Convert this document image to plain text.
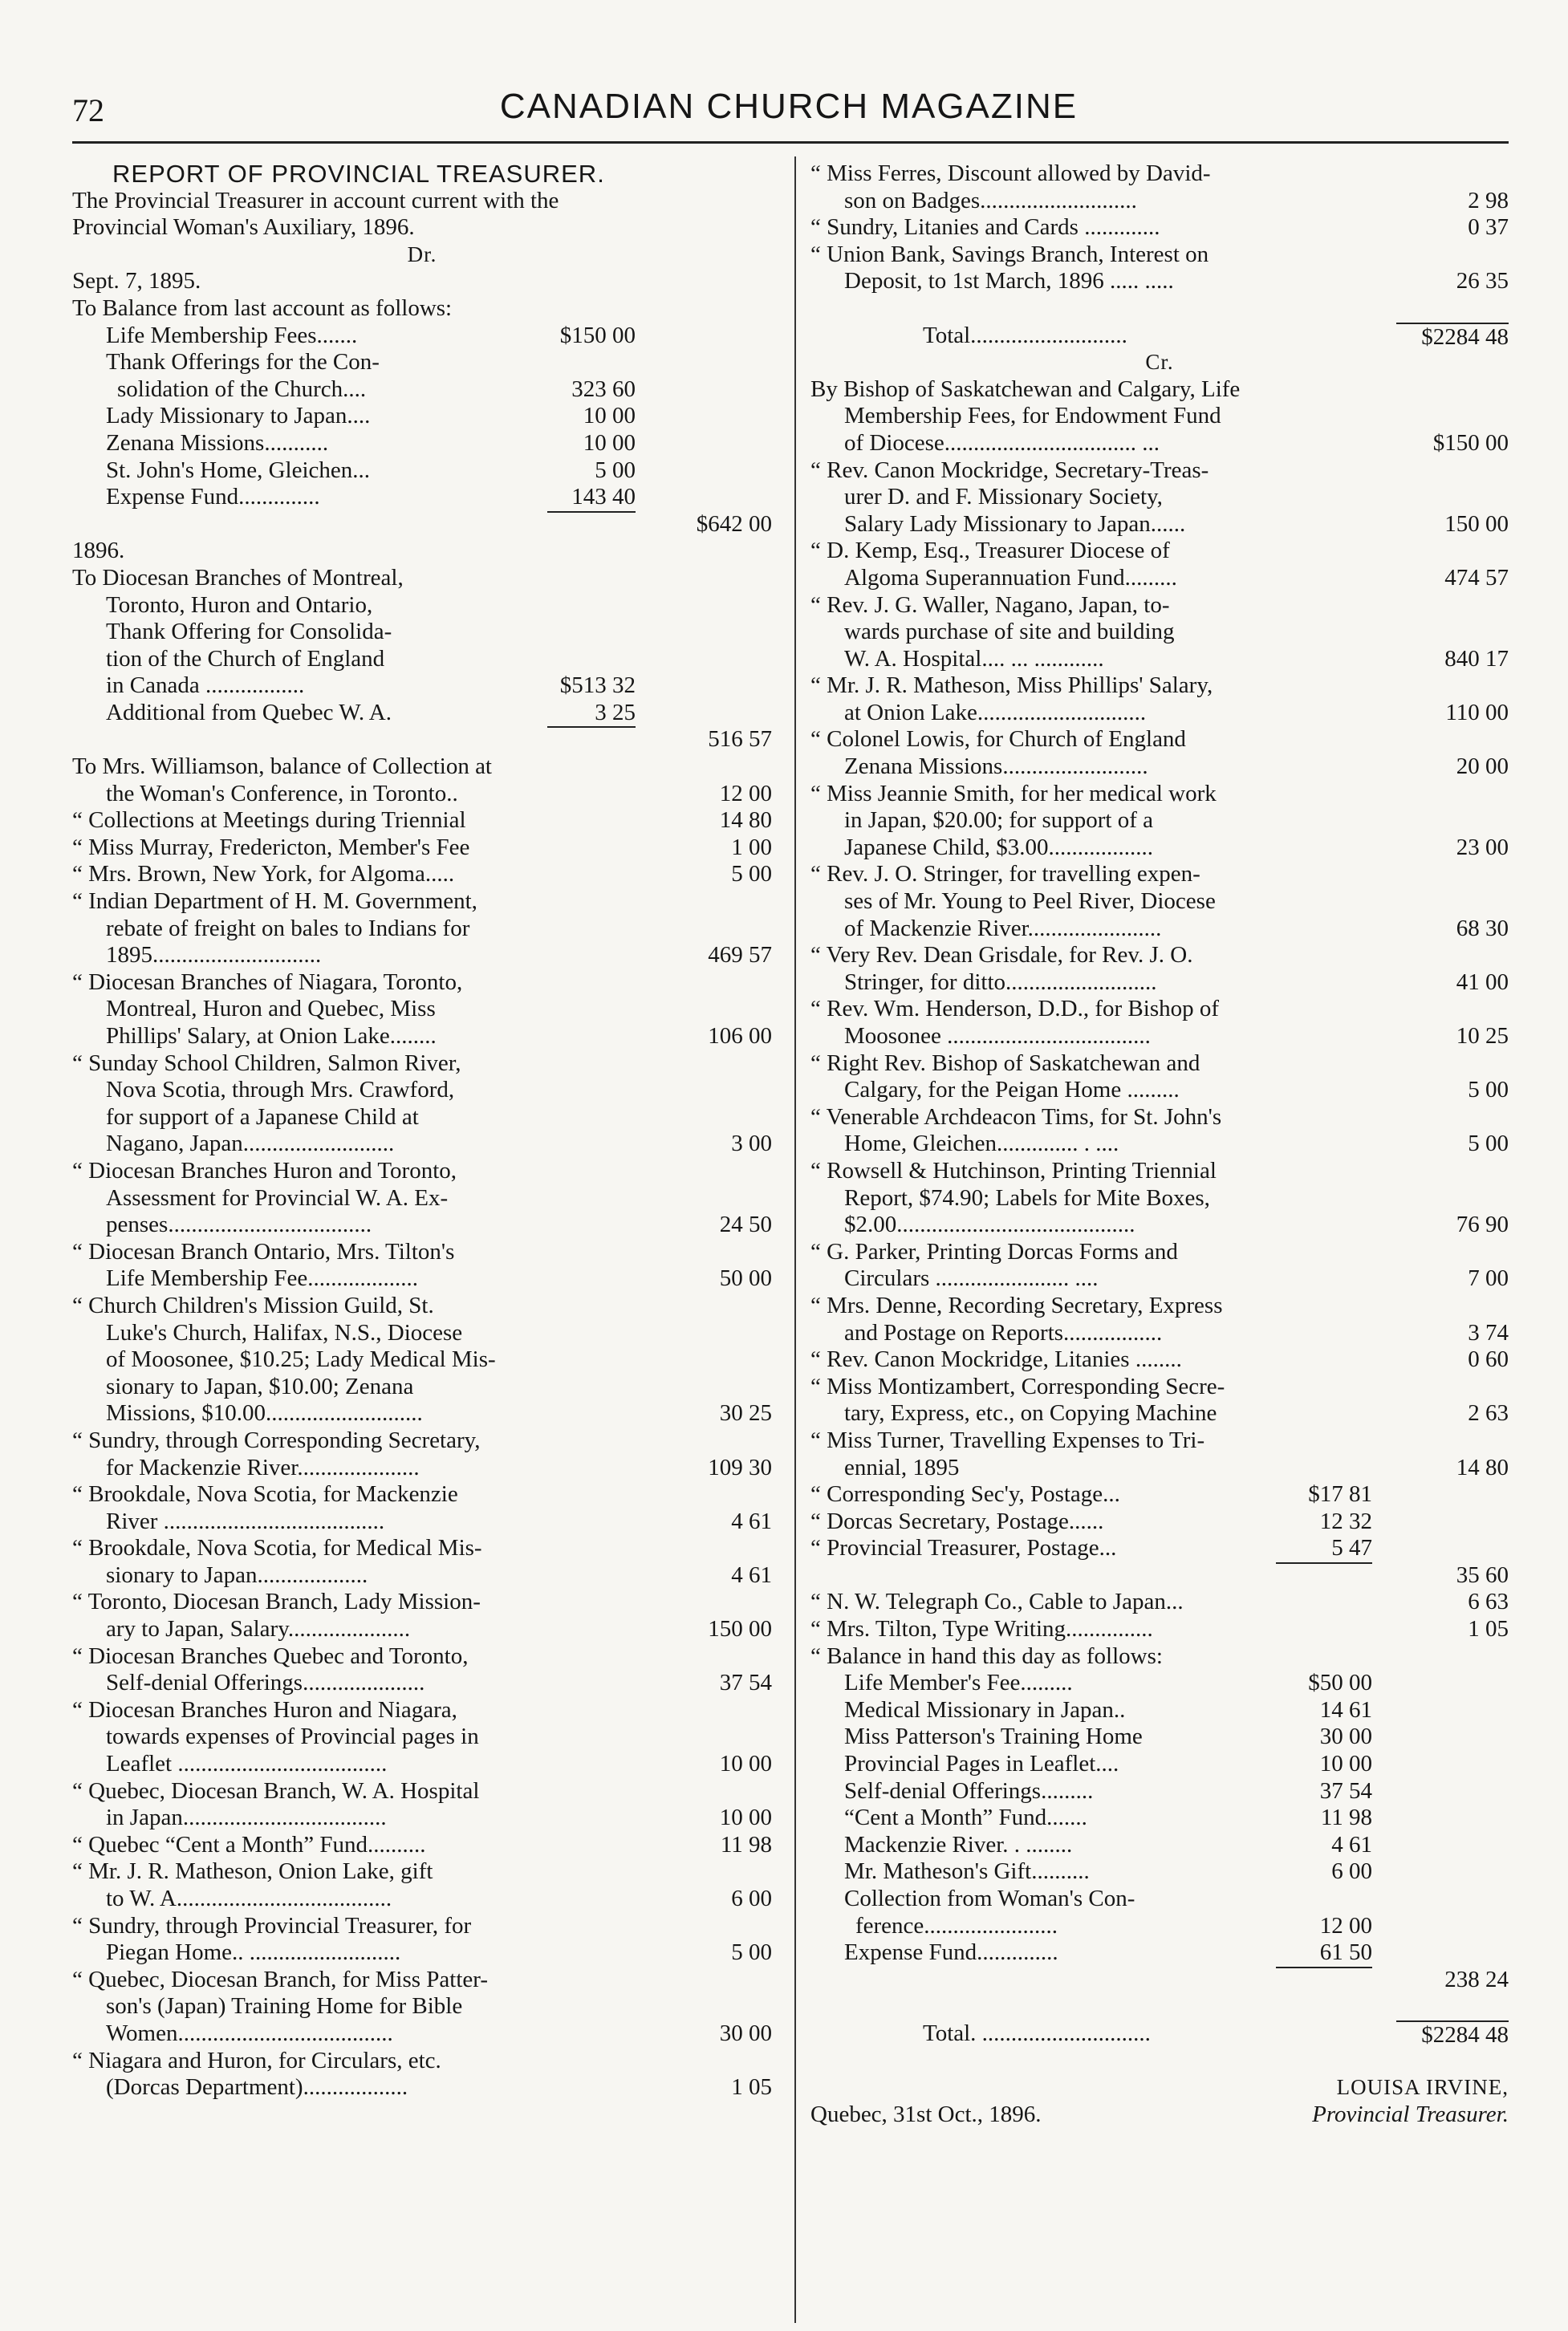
72	CANADIAN CHURCH MAGAZINE
REPORT OF PROVINCIAL TREASURER.
The Provincial Treasurer in account current with the
Provincial Woman's Auxiliary, 1896.
Dr.
Sept. 7, 1895.
To Balance from last account as follows:
Life Membership Fees.......	$150 00
Thank Offerings for the Con-
solidation of the Church....	323 60
Lady Missionary to Japan....	10 00
Zenana Missions...........	10 00
St. John's Home, Gleichen...	5 00
Expense Fund..............	143 40
$642 00
1896.
To Diocesan Branches of Montreal,
Toronto, Huron and Ontario,
Thank Offering for Consolida-
tion of the Church of England
in Canada .................	$513 32
Additional from Quebec W. A.	3 25
516 57
To Mrs. Williamson, balance of Collection at
the Woman's Conference, in Toronto..	12 00
“ Collections at Meetings during Triennial	14 80
“ Miss Murray, Fredericton, Member's Fee	1 00
“ Mrs. Brown, New York, for Algoma.....	5 00
“ Indian Department of H. M. Government,
rebate of freight on bales to Indians for
1895.............................	469 57
“ Diocesan Branches of Niagara, Toronto,
Montreal, Huron and Quebec, Miss
Phillips' Salary, at Onion Lake........	106 00
“ Sunday School Children, Salmon River,
Nova Scotia, through Mrs. Crawford,
for support of a Japanese Child at
Nagano, Japan..........................	3 00
“ Diocesan Branches Huron and Toronto,
Assessment for Provincial W. A. Ex-
penses...................................	24 50
“ Diocesan Branch Ontario, Mrs. Tilton's
Life Membership Fee...................	50 00
“ Church Children's Mission Guild, St.
Luke's Church, Halifax, N.S., Diocese
of Moosonee, $10.25; Lady Medical Mis-
sionary to Japan, $10.00; Zenana
Missions, $10.00...........................	30 25
“ Sundry, through Corresponding Secretary,
for Mackenzie River.....................	109 30
“ Brookdale, Nova Scotia, for Mackenzie
River ......................................	4 61
“ Brookdale, Nova Scotia, for Medical Mis-
sionary to Japan...................	4 61
“ Toronto, Diocesan Branch, Lady Mission-
ary to Japan, Salary.....................	150 00
“ Diocesan Branches Quebec and Toronto,
Self-denial Offerings.....................	37 54
“ Diocesan Branches Huron and Niagara,
towards expenses of Provincial pages in
Leaflet ....................................	10 00
“ Quebec, Diocesan Branch, W. A. Hospital
in Japan...................................	10 00
“ Quebec “Cent a Month” Fund..........	11 98
“ Mr. J. R. Matheson, Onion Lake, gift
to W. A.....................................	6 00
“ Sundry, through Provincial Treasurer, for
Piegan Home.. ..........................	5 00
“ Quebec, Diocesan Branch, for Miss Patter-
son's (Japan) Training Home for Bible
Women.....................................	30 00
“ Niagara and Huron, for Circulars, etc.
(Dorcas Department)..................	1 05
“ Miss Ferres, Discount allowed by David-
son on Badges...........................	2 98
“ Sundry, Litanies and Cards .............	0 37
“ Union Bank, Savings Branch, Interest on
Deposit, to 1st March, 1896 ..... .....	26 35
Total...........................	$2284 48
Cr.
By Bishop of Saskatchewan and Calgary, Life
Membership Fees, for Endowment Fund
of Diocese................................. ...	$150 00
“ Rev. Canon Mockridge, Secretary-Treas-
urer D. and F. Missionary Society,
Salary Lady Missionary to Japan......	150 00
“ D. Kemp, Esq., Treasurer Diocese of
Algoma Superannuation Fund.........	474 57
“ Rev. J. G. Waller, Nagano, Japan, to-
wards purchase of site and building
W. A. Hospital.... ... ............	840 17
“ Mr. J. R. Matheson, Miss Phillips' Salary,
at Onion Lake.............................	110 00
“ Colonel Lowis, for Church of England
Zenana Missions.........................	20 00
“ Miss Jeannie Smith, for her medical work
in Japan, $20.00; for support of a
Japanese Child, $3.00..................	23 00
“ Rev. J. O. Stringer, for travelling expen-
ses of Mr. Young to Peel River, Diocese
of Mackenzie River.......................	68 30
“ Very Rev. Dean Grisdale, for Rev. J. O.
Stringer, for ditto..........................	41 00
“ Rev. Wm. Henderson, D.D., for Bishop of
Moosonee ...................................	10 25
“ Right Rev. Bishop of Saskatchewan and
Calgary, for the Peigan Home .........	5 00
“ Venerable Archdeacon Tims, for St. John's
Home, Gleichen.............. . ....	5 00
“ Rowsell & Hutchinson, Printing Triennial
Report, $74.90; Labels for Mite Boxes,
$2.00.........................................	76 90
“ G. Parker, Printing Dorcas Forms and
Circulars ....................... ....	7 00
“ Mrs. Denne, Recording Secretary, Express
and Postage on Reports.................	3 74
“ Rev. Canon Mockridge, Litanies ........	0 60
“ Miss Montizambert, Corresponding Secre-
tary, Express, etc., on Copying Machine	2 63
“ Miss Turner, Travelling Expenses to Tri-
ennial, 1895	14 80
“ Corresponding Sec'y, Postage...	$17 81
“ Dorcas Secretary, Postage......	12 32
“ Provincial Treasurer, Postage...	5 47
35 60
“ N. W. Telegraph Co., Cable to Japan...	6 63
“ Mrs. Tilton, Type Writing...............	1 05
“ Balance in hand this day as follows:
Life Member's Fee.........	$50 00
Medical Missionary in Japan..	14 61
Miss Patterson's Training Home	30 00
Provincial Pages in Leaflet....	10 00
Self-denial Offerings.........	37 54
“Cent a Month” Fund.......	11 98
Mackenzie River. . ........	4 61
Mr. Matheson's Gift..........	6 00
Collection from Woman's Con-
ference.......................	12 00
Expense Fund..............	61 50
238 24
Total. .............................	$2284 48
LOUISA IRVINE,
Quebec, 31st Oct., 1896.	Provincial Treasurer.
